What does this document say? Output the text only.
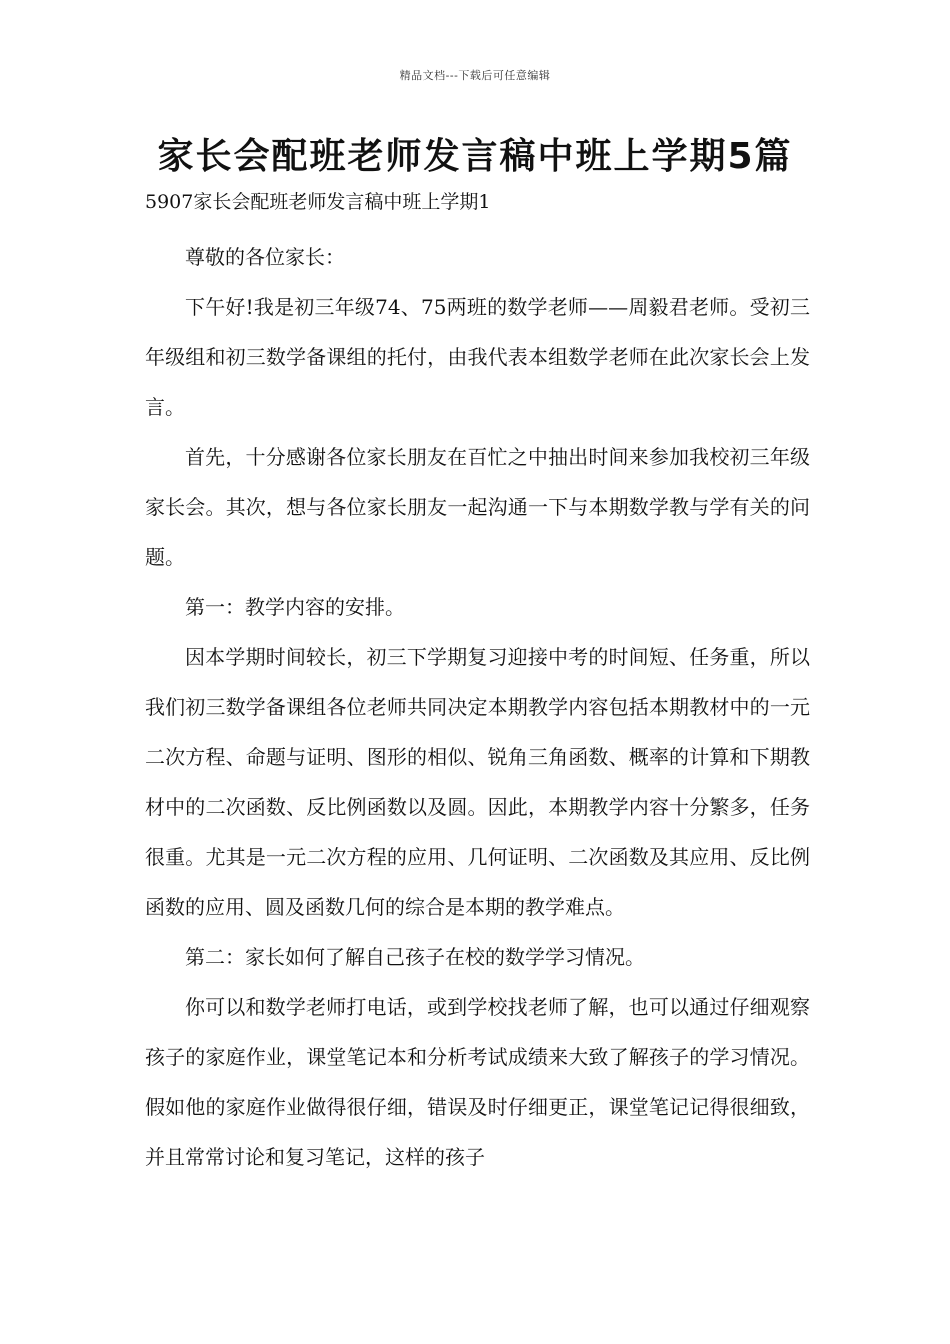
精品文档---下载后可任意编辑
家长会配班老师发言稿中班上学期5篇
5907家长会配班老师发言稿中班上学期1

尊敬的各位家长：

下午好!我是初三年级74、75两班的数学老师——周毅君老师。受初三年级组和初三数学备课组的托付，由我代表本组数学老师在此次家长会上发言。

首先，十分感谢各位家长朋友在百忙之中抽出时间来参加我校初三年级家长会。其次，想与各位家长朋友一起沟通一下与本期数学教与学有关的问题。

第一：教学内容的安排。

因本学期时间较长，初三下学期复习迎接中考的时间短、任务重，所以我们初三数学备课组各位老师共同决定本期教学内容包括本期教材中的一元二次方程、命题与证明、图形的相似、锐角三角函数、概率的计算和下期教材中的二次函数、反比例函数以及圆。因此，本期教学内容十分繁多，任务很重。尤其是一元二次方程的应用、几何证明、二次函数及其应用、反比例函数的应用、圆及函数几何的综合是本期的教学难点。

第二：家长如何了解自己孩子在校的数学学习情况。

你可以和数学老师打电话，或到学校找老师了解，也可以通过仔细观察孩子的家庭作业，课堂笔记本和分析考试成绩来大致了解孩子的学习情况。假如他的家庭作业做得很仔细，错误及时仔细更正，课堂笔记记得很细致，并且常常讨论和复习笔记，这样的孩子
